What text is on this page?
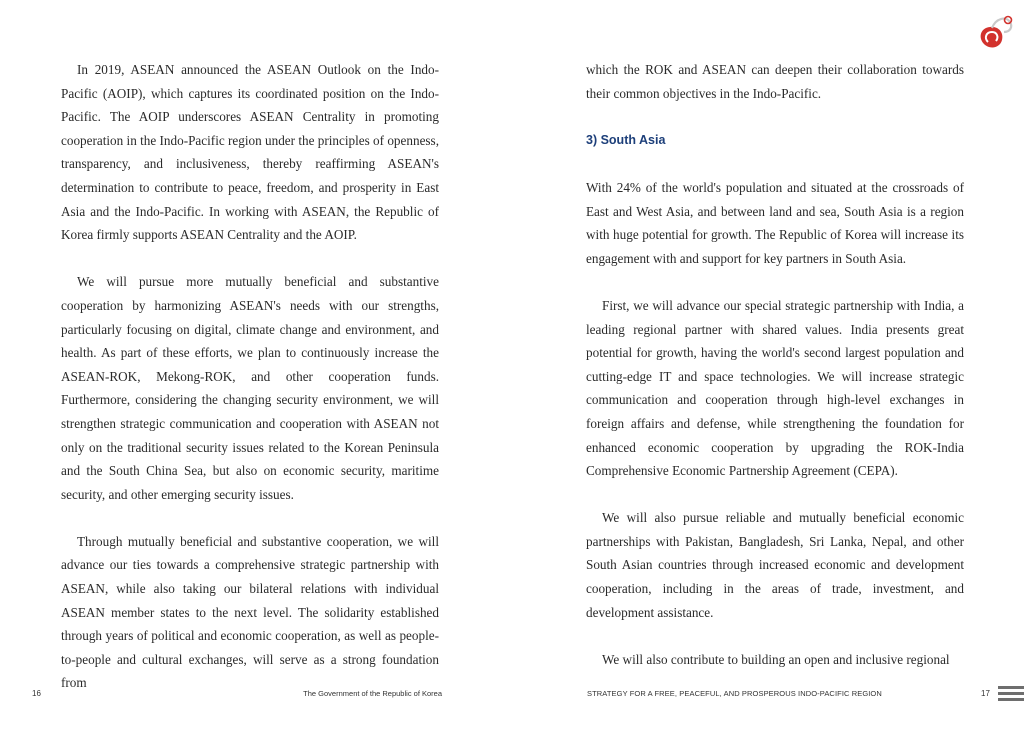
In 2019, ASEAN announced the ASEAN Outlook on the Indo-Pacific (AOIP), which captures its coordinated position on the Indo-Pacific. The AOIP underscores ASEAN Centrality in promoting cooperation in the Indo-Pacific region under the principles of openness, transparency, and inclusiveness, thereby reaffirming ASEAN's determination to contribute to peace, freedom, and prosperity in East Asia and the Indo-Pacific. In working with ASEAN, the Republic of Korea firmly supports ASEAN Centrality and the AOIP.

We will pursue more mutually beneficial and substantive cooperation by harmonizing ASEAN's needs with our strengths, particularly focusing on digital, climate change and environment, and health. As part of these efforts, we plan to continuously increase the ASEAN-ROK, Mekong-ROK, and other cooperation funds. Furthermore, considering the changing security environment, we will strengthen strategic communication and cooperation with ASEAN not only on the traditional security issues related to the Korean Peninsula and the South China Sea, but also on economic security, maritime security, and other emerging security issues.

Through mutually beneficial and substantive cooperation, we will advance our ties towards a comprehensive strategic partnership with ASEAN, while also taking our bilateral relations with individual ASEAN member states to the next level. The solidarity established through years of political and economic cooperation, as well as people-to-people and cultural exchanges, will serve as a strong foundation from

16	The Government of the Republic of Korea

which the ROK and ASEAN can deepen their collaboration towards their common objectives in the Indo-Pacific.

3) South Asia

With 24% of the world's population and situated at the crossroads of East and West Asia, and between land and sea, South Asia is a region with huge potential for growth. The Republic of Korea will increase its engagement with and support for key partners in South Asia.

First, we will advance our special strategic partnership with India, a leading regional partner with shared values. India presents great potential for growth, having the world's second largest population and cutting-edge IT and space technologies. We will increase strategic communication and cooperation through high-level exchanges in foreign affairs and defense, while strengthening the foundation for enhanced economic cooperation by upgrading the ROK-India Comprehensive Economic Partnership Agreement (CEPA).

We will also pursue reliable and mutually beneficial economic partnerships with Pakistan, Bangladesh, Sri Lanka, Nepal, and other South Asian countries through increased economic and development cooperation, including in the areas of trade, investment, and development assistance.

We will also contribute to building an open and inclusive regional

STRATEGY FOR A FREE, PEACEFUL, AND PROSPEROUS INDO-PACIFIC REGION	17
